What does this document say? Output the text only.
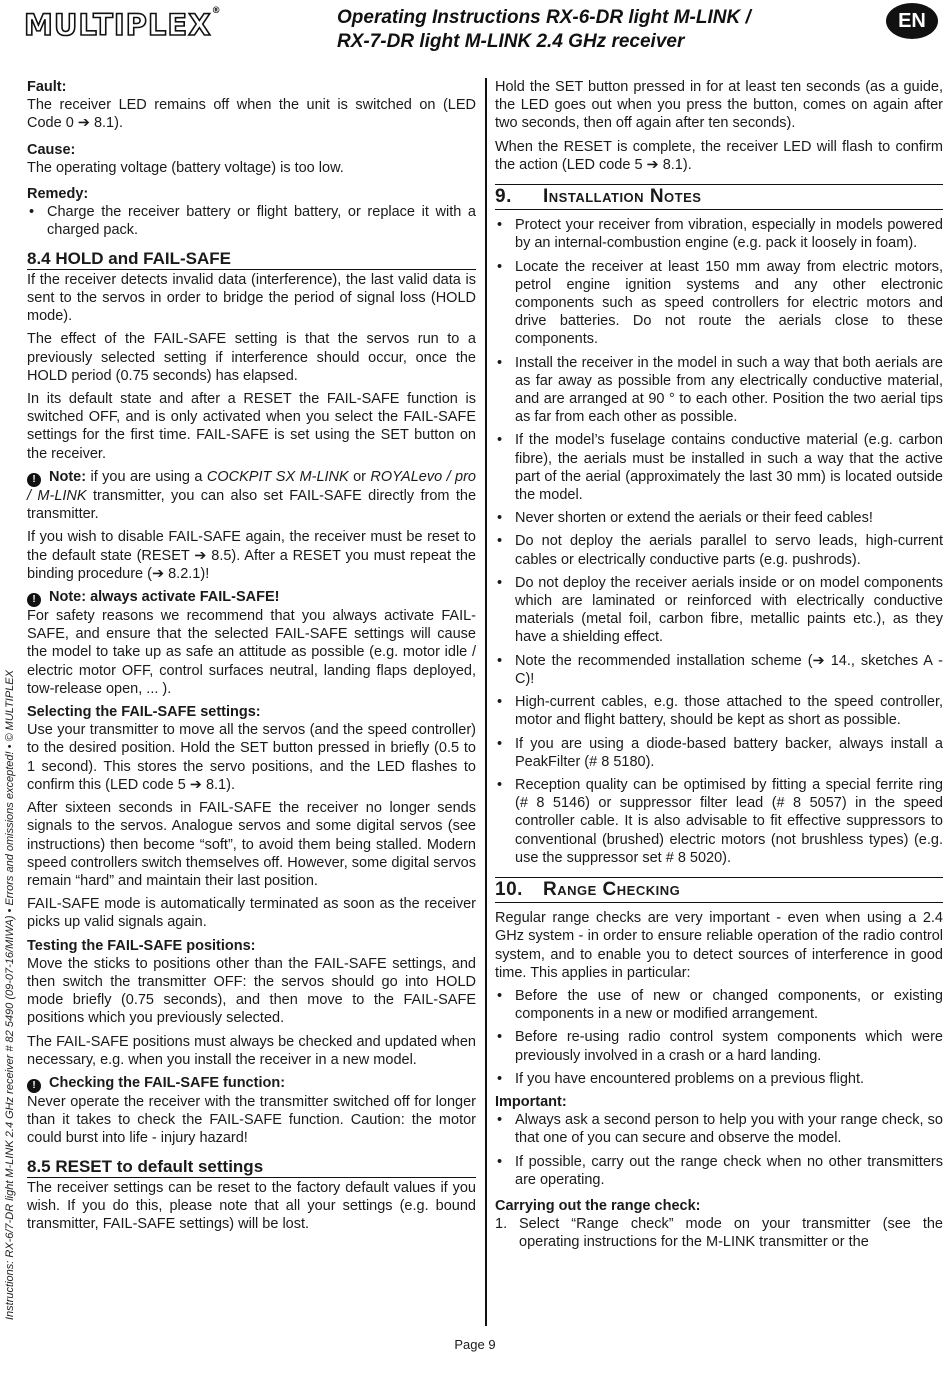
MULTIPLEX®	Operating Instructions RX-6-DR light M-LINK /
RX-7-DR light M-LINK 2.4 GHz receiver
EN
Instructions: RX-6/7-DR light M-LINK 2.4 GHz receiver # 82 5490 (09-07-16/MIWA) • Errors and omissions excepted! • © MULTIPLEX

Fault:

The receiver LED remains off when the unit is switched on (LED Code 0 ➔ 8.1).

Cause:

The operating voltage (battery voltage) is too low.

Remedy:

• Charge the receiver battery or flight battery, or replace it with a charged pack.
8.4 HOLD and FAIL-SAFE

If the receiver detects invalid data (interference), the last valid data is sent to the servos in order to bridge the period of signal loss (HOLD mode).

The effect of the FAIL-SAFE setting is that the servos run to a previously selected setting if interference should occur, once the HOLD period (0.75 seconds) has elapsed.

In its default state and after a RESET the FAIL-SAFE function is switched OFF, and is only activated when you select the FAIL-SAFE settings for the first time. FAIL-SAFE is set using the SET button on the receiver.

! Note: if you are using a COCKPIT SX M-LINK or ROYALevo / pro / M-LINK transmitter, you can also set FAIL-SAFE directly from the transmitter.

If you wish to disable FAIL-SAFE again, the receiver must be reset to the default state (RESET ➔ 8.5). After a RESET you must repeat the binding procedure (➔ 8.2.1)!

! Note: always activate FAIL-SAFE!

For safety reasons we recommend that you always activate FAIL-SAFE, and ensure that the selected FAIL-SAFE settings will cause the model to take up as safe an attitude as possible (e.g. motor idle / electric motor OFF, control surfaces neutral, landing flaps deployed, tow-release open, ... ).

Selecting the FAIL-SAFE settings:

Use your transmitter to move all the servos (and the speed controller) to the desired position. Hold the SET button pressed in briefly (0.5 to 1 second). This stores the servo positions, and the LED flashes to confirm this (LED code 5 ➔ 8.1).

After sixteen seconds in FAIL-SAFE the receiver no longer sends signals to the servos. Analogue servos and some digital servos (see instructions) then become “soft”, to avoid them being stalled. Modern speed controllers switch themselves off. However, some digital servos remain “hard” and maintain their last position.

FAIL-SAFE mode is automatically terminated as soon as the receiver picks up valid signals again.

Testing the FAIL-SAFE positions:

Move the sticks to positions other than the FAIL-SAFE settings, and then switch the transmitter OFF: the servos should go into HOLD mode briefly (0.75 seconds), and then move to the FAIL-SAFE positions which you previously selected.

The FAIL-SAFE positions must always be checked and updated when necessary, e.g. when you install the receiver in a new model.

! Checking the FAIL-SAFE function:

Never operate the receiver with the transmitter switched off for longer than it takes to check the FAIL-SAFE function. Caution: the motor could burst into life - injury hazard!

8.5 RESET to default settings

The receiver settings can be reset to the factory default values if you wish. If you do this, please note that all your settings (e.g. bound transmitter, FAIL-SAFE settings) will be lost.

Hold the SET button pressed in for at least ten seconds (as a guide, the LED goes out when you press the button, comes on again after two seconds, then off again after ten seconds).

When the RESET is complete, the receiver LED will flash to confirm the action (LED code 5 ➔ 8.1).

9. Installation Notes
• Protect your receiver from vibration, especially in models powered by an internal-combustion engine (e.g. pack it loosely in foam).
• Locate the receiver at least 150 mm away from electric motors, petrol engine ignition systems and any other electronic components such as speed controllers for electric motors and drive batteries. Do not route the aerials close to these components.
• Install the receiver in the model in such a way that both aerials are as far away as possible from any electrically conductive material, and are arranged at 90 ° to each other. Position the two aerial tips as far from each other as possible.
• If the model’s fuselage contains conductive material (e.g. carbon fibre), the aerials must be installed in such a way that the active part of the aerial (approximately the last 30 mm) is located outside the model.
• Never shorten or extend the aerials or their feed cables!
• Do not deploy the aerials parallel to servo leads, high-current cables or electrically conductive parts (e.g. pushrods).
• Do not deploy the receiver aerials inside or on model components which are laminated or reinforced with electrically conductive materials (metal foil, carbon fibre, metallic paints etc.), as they have a shielding effect.
• Note the recommended installation scheme (➔ 14., sketches A - C)!
• High-current cables, e.g. those attached to the speed controller, motor and flight battery, should be kept as short as possible.
• If you are using a diode-based battery backer, always install a PeakFilter (# 8 5180).
• Reception quality can be optimised by fitting a special ferrite ring (# 8 5146) or suppressor filter lead (# 8 5057) in the speed controller cable. It is also advisable to fit effective suppressors to conventional (brushed) electric motors (not brushless types) (e.g. use the suppressor set # 8 5020).
10. Range Checking

Regular range checks are very important - even when using a 2.4 GHz system - in order to ensure reliable operation of the radio control system, and to enable you to detect sources of interference in good time. This applies in particular:

• Before the use of new or changed components, or existing components in a new or modified arrangement.
• Before re-using radio control system components which were previously involved in a crash or a hard landing.
• If you have encountered problems on a previous flight.

Important:

• Always ask a second person to help you with your range check, so that one of you can secure and observe the model.
• If possible, carry out the range check when no other transmitters are operating.

Carrying out the range check:

1. Select “Range check” mode on your transmitter (see the operating instructions for the M-LINK transmitter or the
Page 9
